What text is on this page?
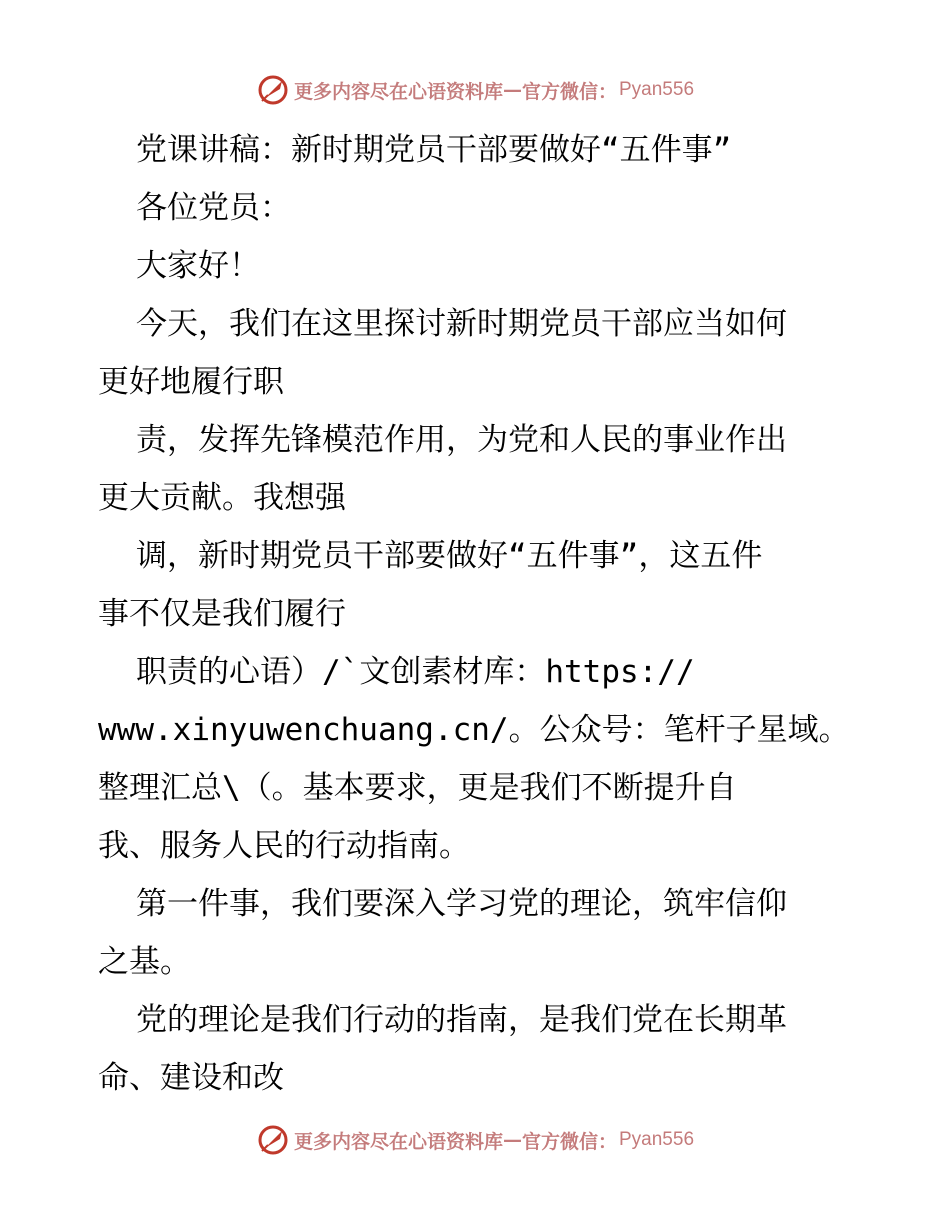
更多内容尽在心语资料库 — 官方微信： Pyan556
党课讲稿：新时期党员干部要做好“五件事”
各位党员：
大家好！
今天，我们在这里探讨新时期党员干部应当如何
更好地履行职
责，发挥先锋模范作用，为党和人民的事业作出
更大贡献。我想强
调，新时期党员干部要做好“五件事”，这五件
事不仅是我们履行
职责的心语）/`文创素材库：https://
www.xinyuwenchuang.cn/。公众号：笔杆子星域。
整理汇总\（。基本要求，更是我们不断提升自
我、服务人民的行动指南。
第一件事，我们要深入学习党的理论，筑牢信仰
之基。
党的理论是我们行动的指南，是我们党在长期革
命、建设和改
更多内容尽在心语资料库 — 官方微信： Pyan556
